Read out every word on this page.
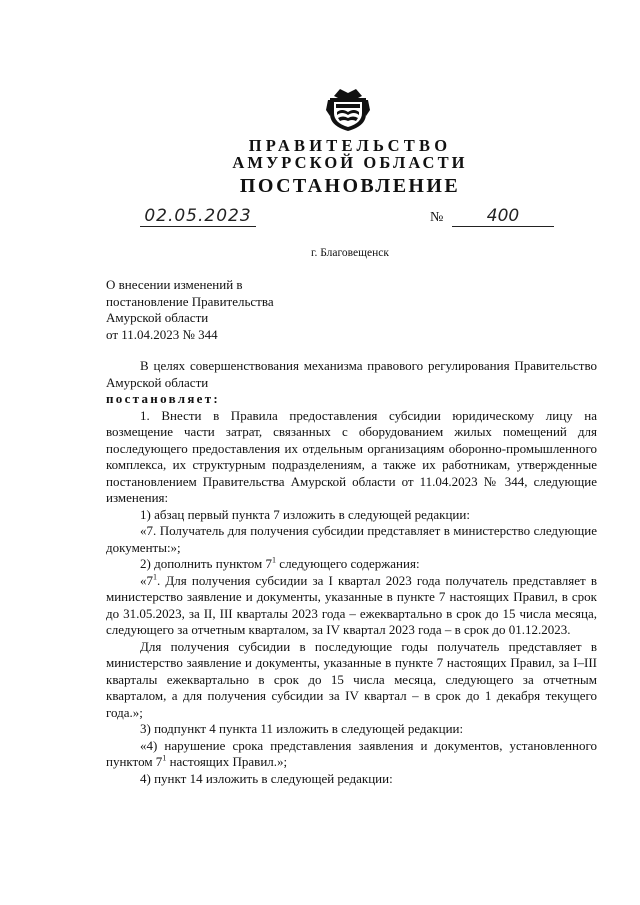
ПРАВИТЕЛЬСТВО
АМУРСКОЙ ОБЛАСТИ
ПОСТАНОВЛЕНИЕ
02.05.2023	№	400
г. Благовещенск
О внесении изменений в
постановление Правительства
Амурской области
от 11.04.2023 № 344
В целях совершенствования механизма правового регулирования Правительство Амурской области
постановляет:
1. Внести в Правила предоставления субсидии юридическому лицу на возмещение части затрат, связанных с оборудованием жилых помещений для последующего предоставления их отдельным организациям оборонно-промышленного комплекса, их структурным подразделениям, а также их работникам, утвержденные постановлением Правительства Амурской области от 11.04.2023 № 344, следующие изменения:
1) абзац первый пункта 7 изложить в следующей редакции:
«7. Получатель для получения субсидии представляет в министерство следующие документы:»;
2) дополнить пунктом $7^1$ следующего содержания:
«$7^1$. Для получения субсидии за I квартал 2023 года получатель представляет в министерство заявление и документы, указанные в пункте 7 настоящих Правил, в срок до 31.05.2023, за II, III кварталы 2023 года – ежеквартально в срок до 15 числа месяца, следующего за отчетным кварталом, за IV квартал 2023 года – в срок до 01.12.2023.
Для получения субсидии в последующие годы получатель представляет в министерство заявление и документы, указанные в пункте 7 настоящих Правил, за I–III кварталы ежеквартально в срок до 15 числа месяца, следующего за отчетным кварталом, а для получения субсидии за IV квартал – в срок до 1 декабря текущего года.»;
3) подпункт 4 пункта 11 изложить в следующей редакции:
«4) нарушение срока представления заявления и документов, установленного пунктом $7^1$ настоящих Правил.»;
4) пункт 14 изложить в следующей редакции:
